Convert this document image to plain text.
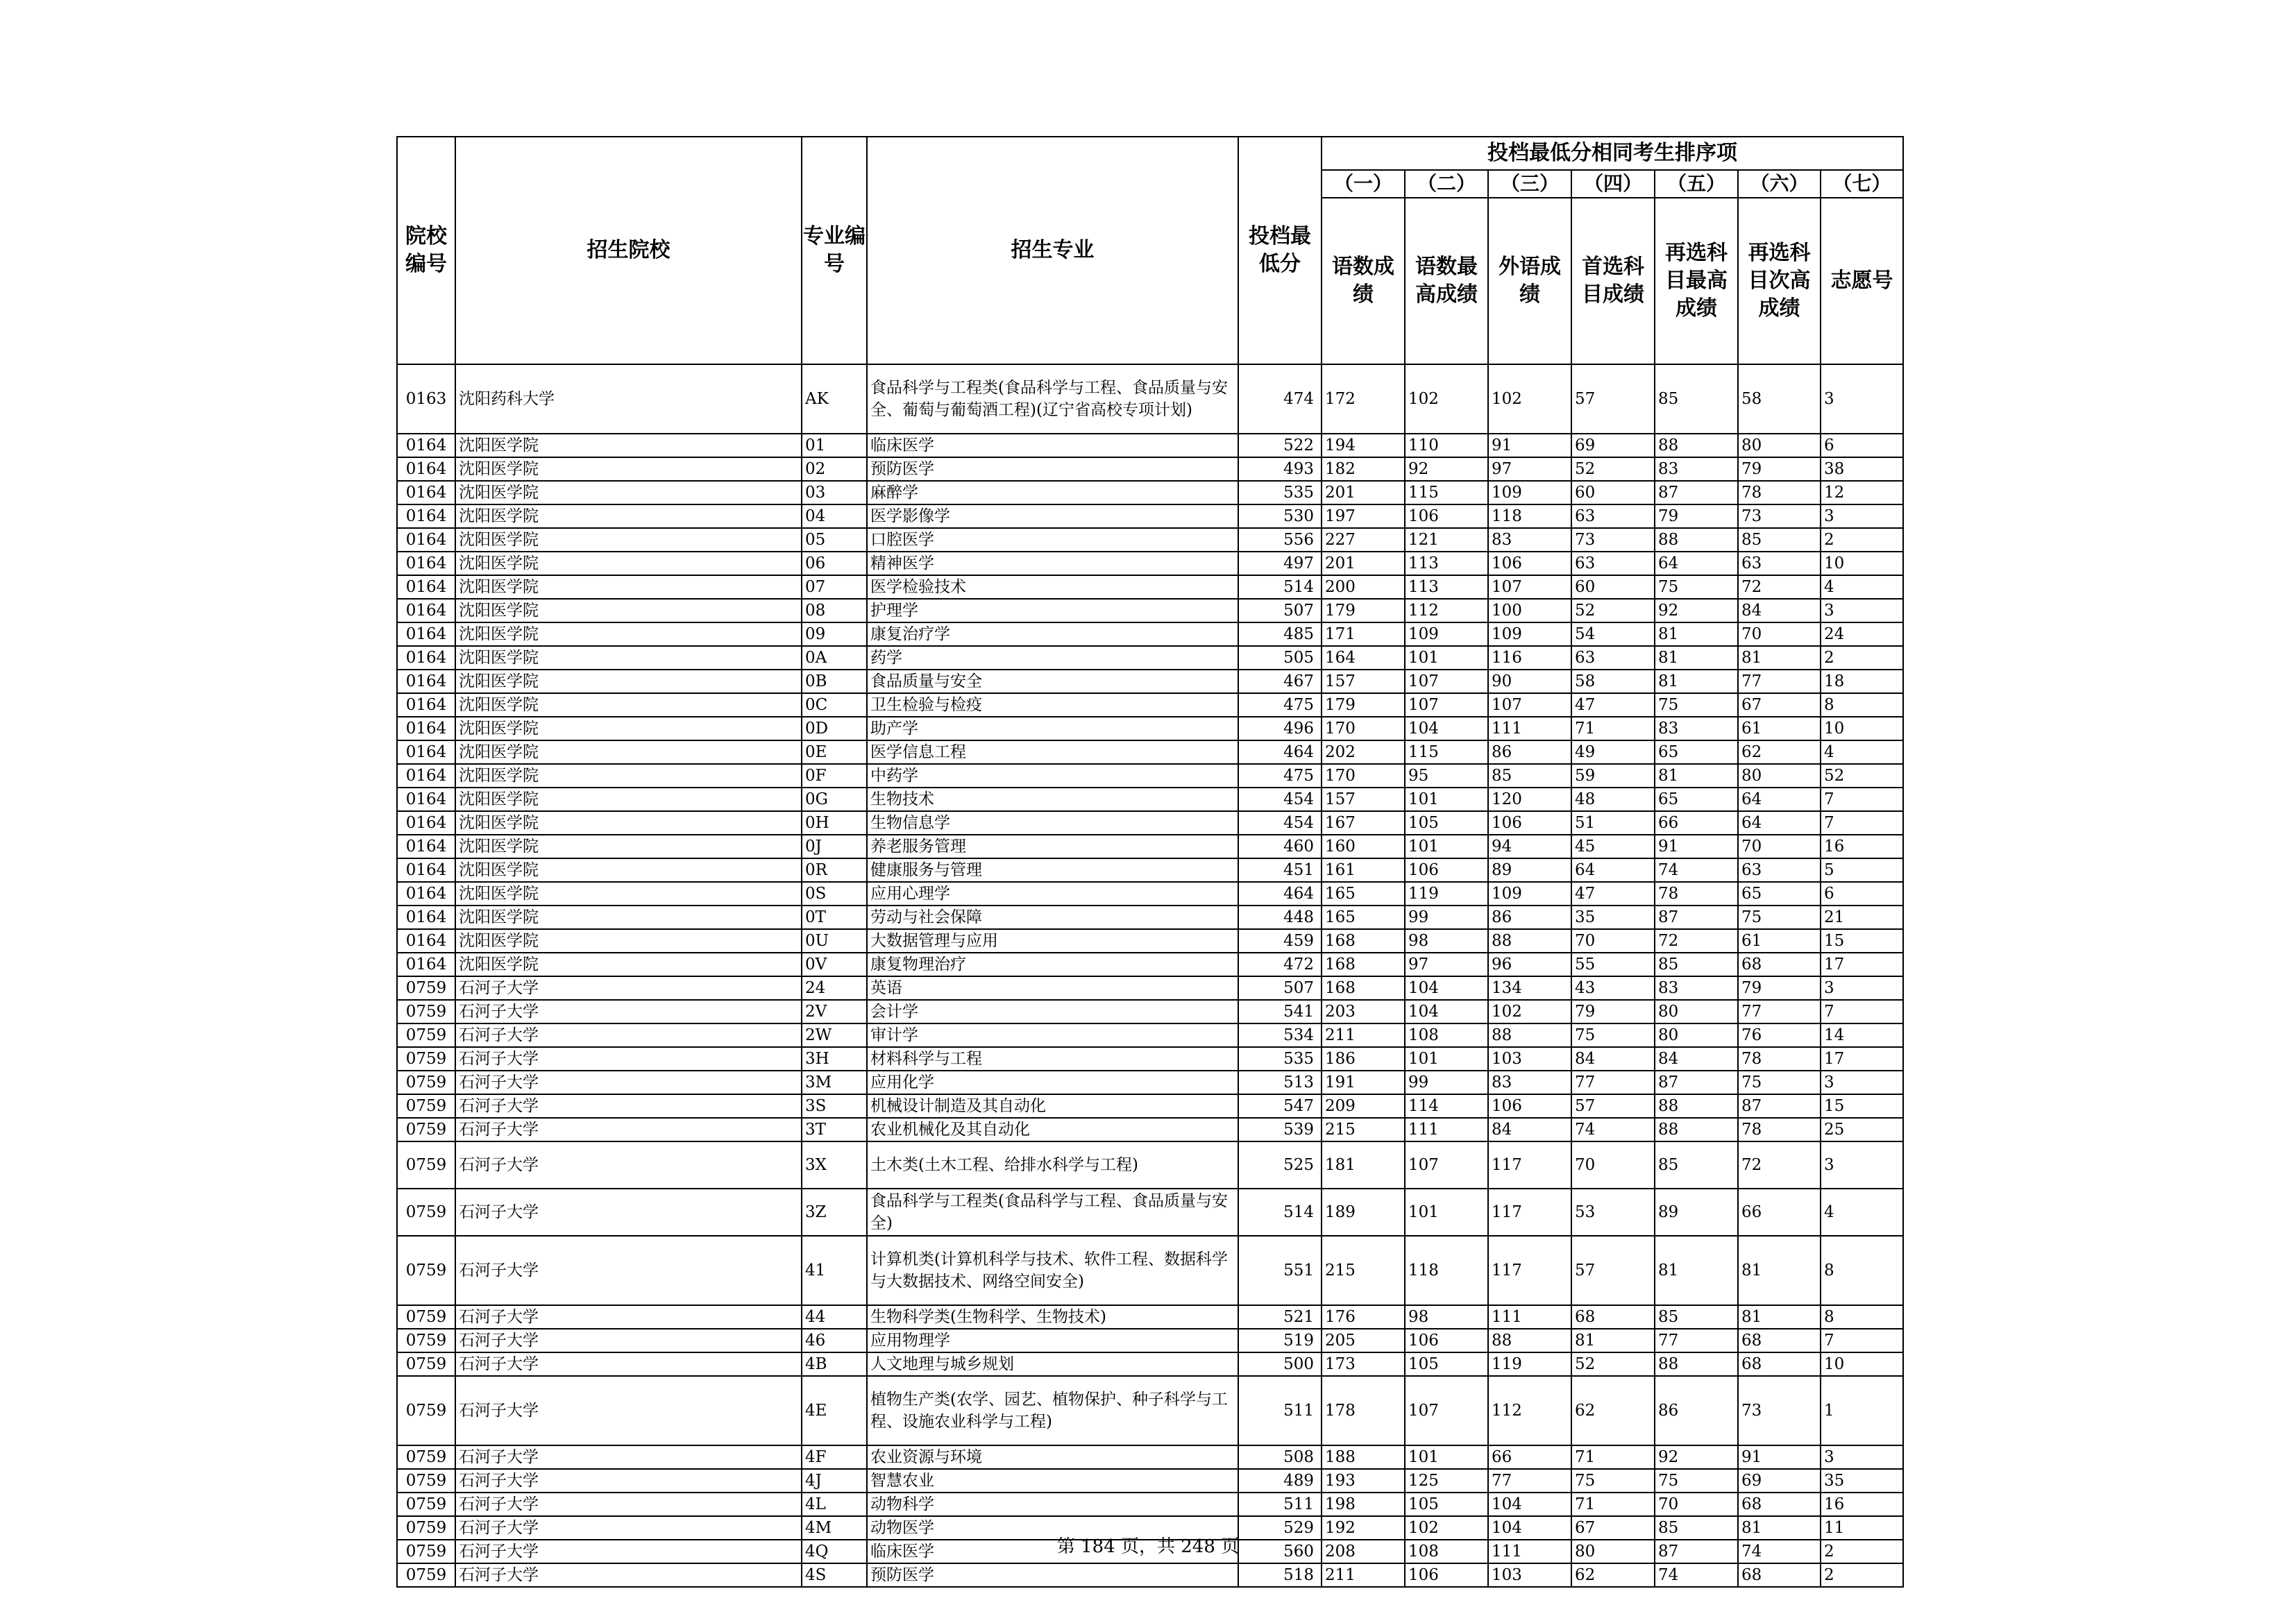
院校编号	招生院校	专业编号	招生专业	投档最低分	投档最低分相同考生排序项						
					（一）	（二）	（三）	（四）	（五）	（六）	（七）
					语数成绩	语数最高成绩	外语成绩	首选科目成绩	再选科目最高成绩	再选科目次高成绩	志愿号
0163	沈阳药科大学	AK	食品科学与工程类(食品科学与工程、食品质量与安全、葡萄与葡萄酒工程)(辽宁省高校专项计划)	474	172	102	102	57	85	58	3
0164	沈阳医学院	01	临床医学	522	194	110	91	69	88	80	6
0164	沈阳医学院	02	预防医学	493	182	92	97	52	83	79	38
0164	沈阳医学院	03	麻醉学	535	201	115	109	60	87	78	12
0164	沈阳医学院	04	医学影像学	530	197	106	118	63	79	73	3
0164	沈阳医学院	05	口腔医学	556	227	121	83	73	88	85	2
0164	沈阳医学院	06	精神医学	497	201	113	106	63	64	63	10
0164	沈阳医学院	07	医学检验技术	514	200	113	107	60	75	72	4
0164	沈阳医学院	08	护理学	507	179	112	100	52	92	84	3
0164	沈阳医学院	09	康复治疗学	485	171	109	109	54	81	70	24
0164	沈阳医学院	0A	药学	505	164	101	116	63	81	81	2
0164	沈阳医学院	0B	食品质量与安全	467	157	107	90	58	81	77	18
0164	沈阳医学院	0C	卫生检验与检疫	475	179	107	107	47	75	67	8
0164	沈阳医学院	0D	助产学	496	170	104	111	71	83	61	10
0164	沈阳医学院	0E	医学信息工程	464	202	115	86	49	65	62	4
0164	沈阳医学院	0F	中药学	475	170	95	85	59	81	80	52
0164	沈阳医学院	0G	生物技术	454	157	101	120	48	65	64	7
0164	沈阳医学院	0H	生物信息学	454	167	105	106	51	66	64	7
0164	沈阳医学院	0J	养老服务管理	460	160	101	94	45	91	70	16
0164	沈阳医学院	0R	健康服务与管理	451	161	106	89	64	74	63	5
0164	沈阳医学院	0S	应用心理学	464	165	119	109	47	78	65	6
0164	沈阳医学院	0T	劳动与社会保障	448	165	99	86	35	87	75	21
0164	沈阳医学院	0U	大数据管理与应用	459	168	98	88	70	72	61	15
0164	沈阳医学院	0V	康复物理治疗	472	168	97	96	55	85	68	17
0759	石河子大学	24	英语	507	168	104	134	43	83	79	3
0759	石河子大学	2V	会计学	541	203	104	102	79	80	77	7
0759	石河子大学	2W	审计学	534	211	108	88	75	80	76	14
0759	石河子大学	3H	材料科学与工程	535	186	101	103	84	84	78	17
0759	石河子大学	3M	应用化学	513	191	99	83	77	87	75	3
0759	石河子大学	3S	机械设计制造及其自动化	547	209	114	106	57	88	87	15
0759	石河子大学	3T	农业机械化及其自动化	539	215	111	84	74	88	78	25
0759	石河子大学	3X	土木类(土木工程、给排水科学与工程)	525	181	107	117	70	85	72	3
0759	石河子大学	3Z	食品科学与工程类(食品科学与工程、食品质量与安全)	514	189	101	117	53	89	66	4
0759	石河子大学	41	计算机类(计算机科学与技术、软件工程、数据科学与大数据技术、网络空间安全)	551	215	118	117	57	81	81	8
0759	石河子大学	44	生物科学类(生物科学、生物技术)	521	176	98	111	68	85	81	8
0759	石河子大学	46	应用物理学	519	205	106	88	81	77	68	7
0759	石河子大学	4B	人文地理与城乡规划	500	173	105	119	52	88	68	10
0759	石河子大学	4E	植物生产类(农学、园艺、植物保护、种子科学与工程、设施农业科学与工程)	511	178	107	112	62	86	73	1
0759	石河子大学	4F	农业资源与环境	508	188	101	66	71	92	91	3
0759	石河子大学	4J	智慧农业	489	193	125	77	75	75	69	35
0759	石河子大学	4L	动物科学	511	198	105	104	71	70	68	16
0759	石河子大学	4M	动物医学	529	192	102	104	67	85	81	11
0759	石河子大学	4Q	临床医学	560	208	108	111	80	87	74	2
0759	石河子大学	4S	预防医学	518	211	106	103	62	74	68	2
第 184 页，共 248 页
